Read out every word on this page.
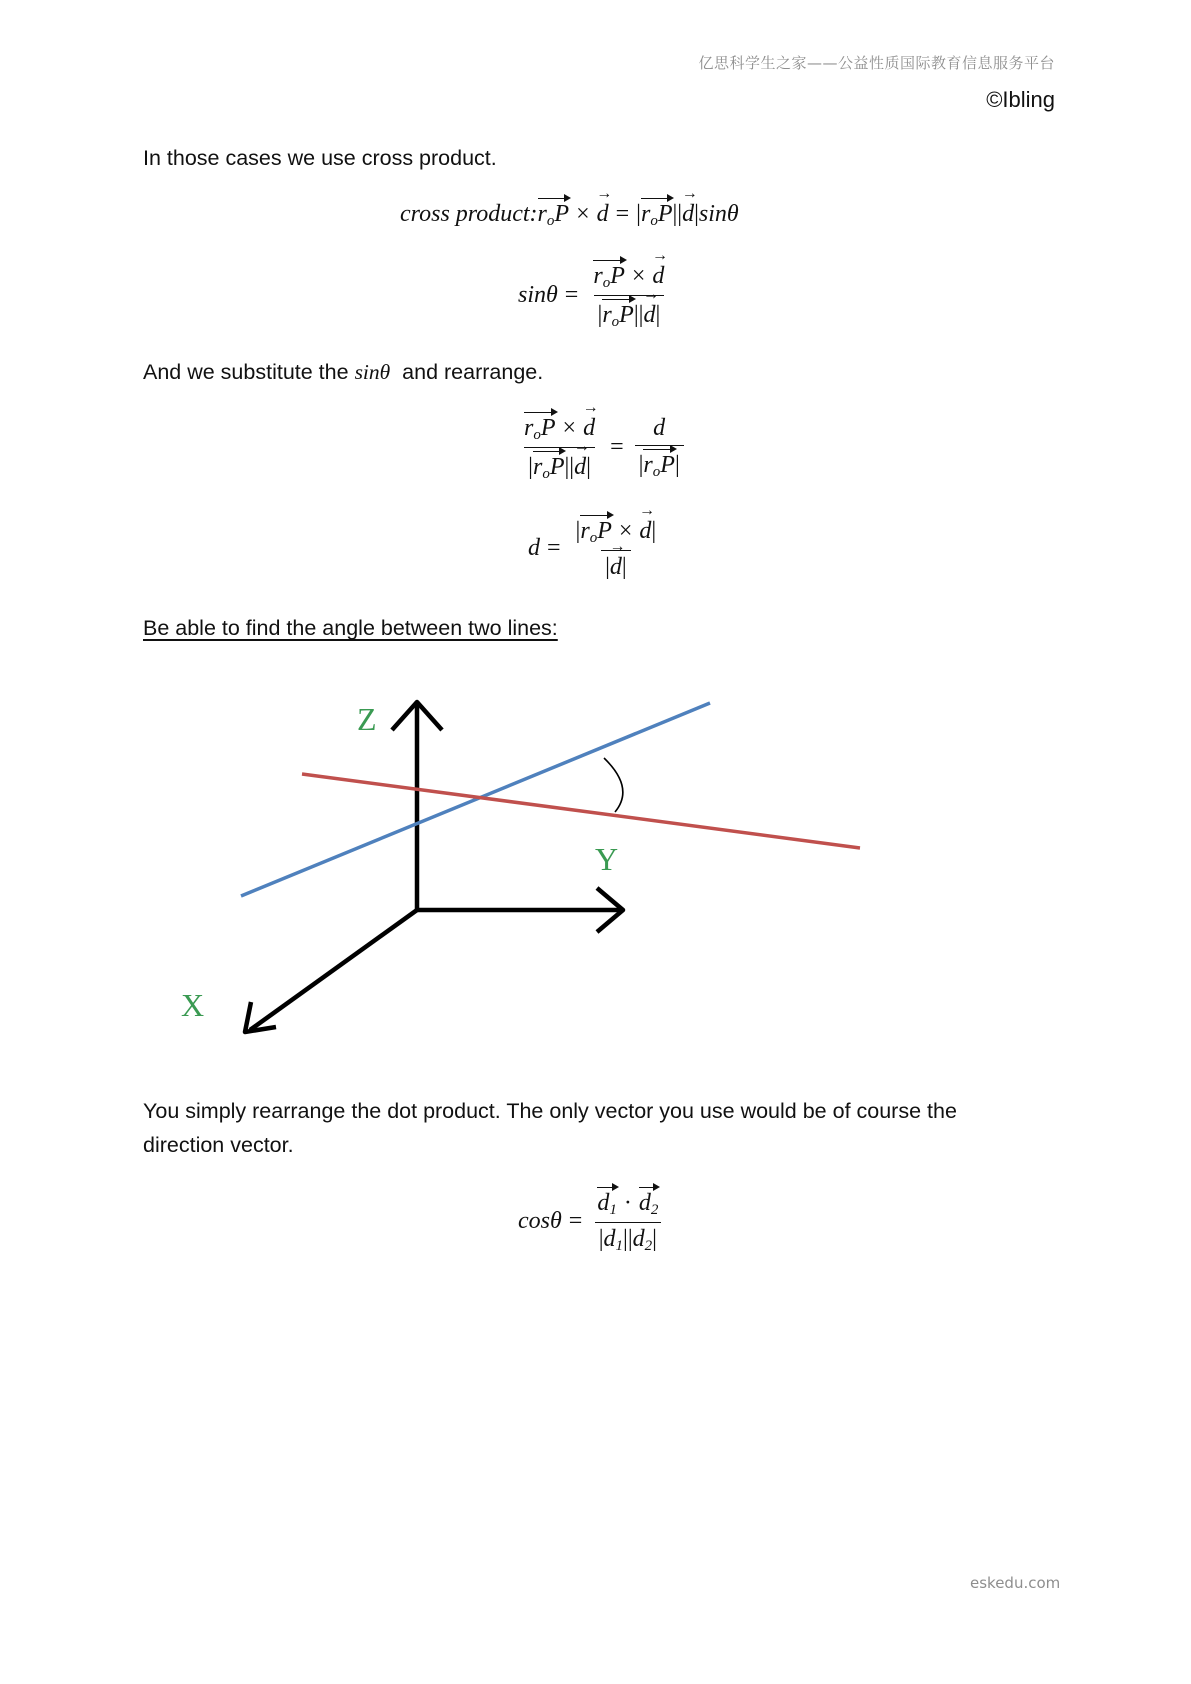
亿思科学生之家——公益性质国际教育信息服务平台
©Ibling
In those cases we use cross product.
cross product: $r_oP$ × → d = | $r_oP$ || → d | sinθ
$\sin\theta = \frac{r_oP \times \to d}{|r_oP||\to d|}$
And we substitute the sinθ and rearrange.
$\frac{r_oP \times \to d}{|r_oP||\to d|} = \frac{d}{|r_oP|}$
$d = \frac{|r_oP \times \to d|}{|\to d|}$
Be able to find the angle between two lines:
Z
Y
X
You simply rearrange the dot product. The only vector you use would be of course the direction vector.
$\cos\theta = \frac{d_1 \cdot d_2}{|d_1||d_2|}$
eskedu.com
